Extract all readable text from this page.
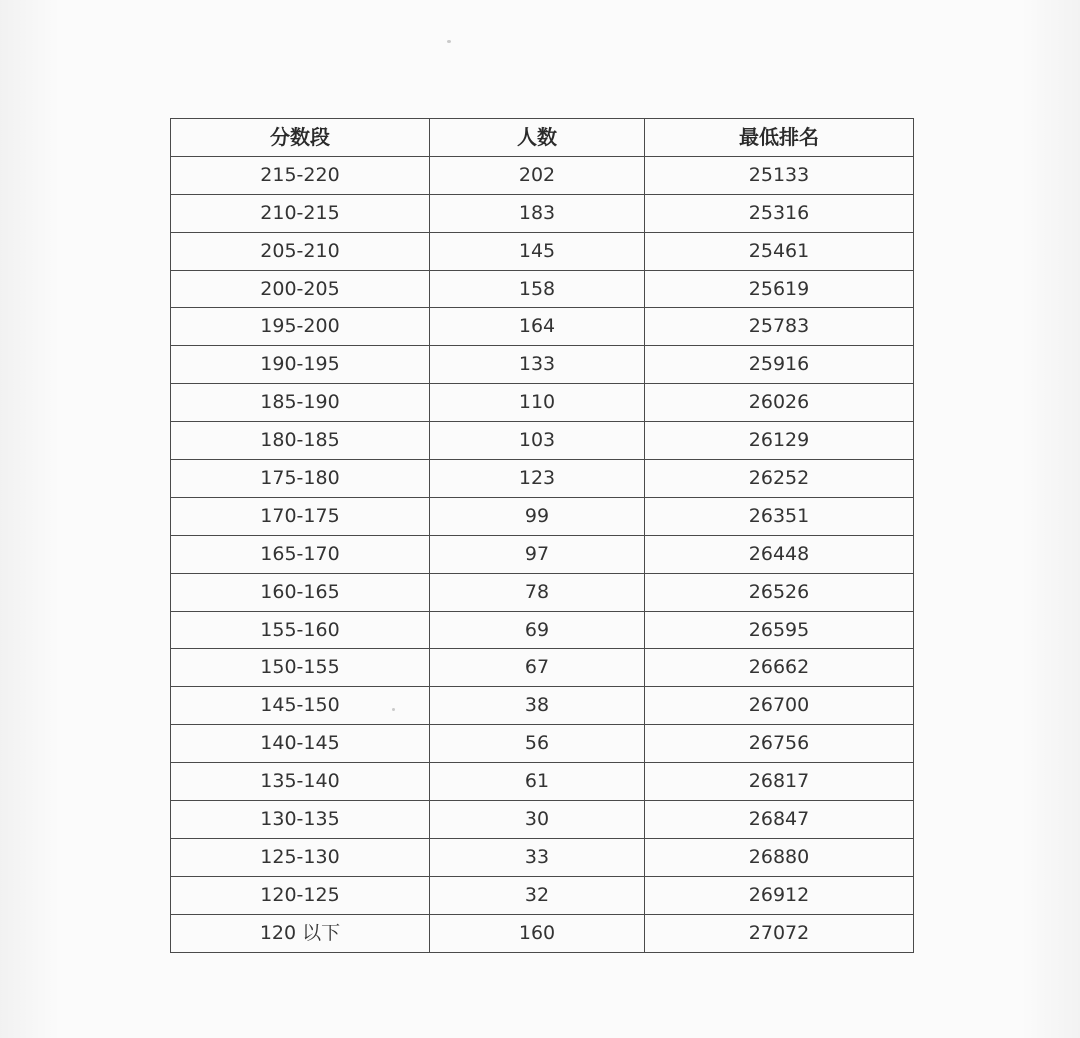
分数段	人数	最低排名
215-220	202	25133
210-215	183	25316
205-210	145	25461
200-205	158	25619
195-200	164	25783
190-195	133	25916
185-190	110	26026
180-185	103	26129
175-180	123	26252
170-175	99	26351
165-170	97	26448
160-165	78	26526
155-160	69	26595
150-155	67	26662
145-150	38	26700
140-145	56	26756
135-140	61	26817
130-135	30	26847
125-130	33	26880
120-125	32	26912
120 以下	160	27072
